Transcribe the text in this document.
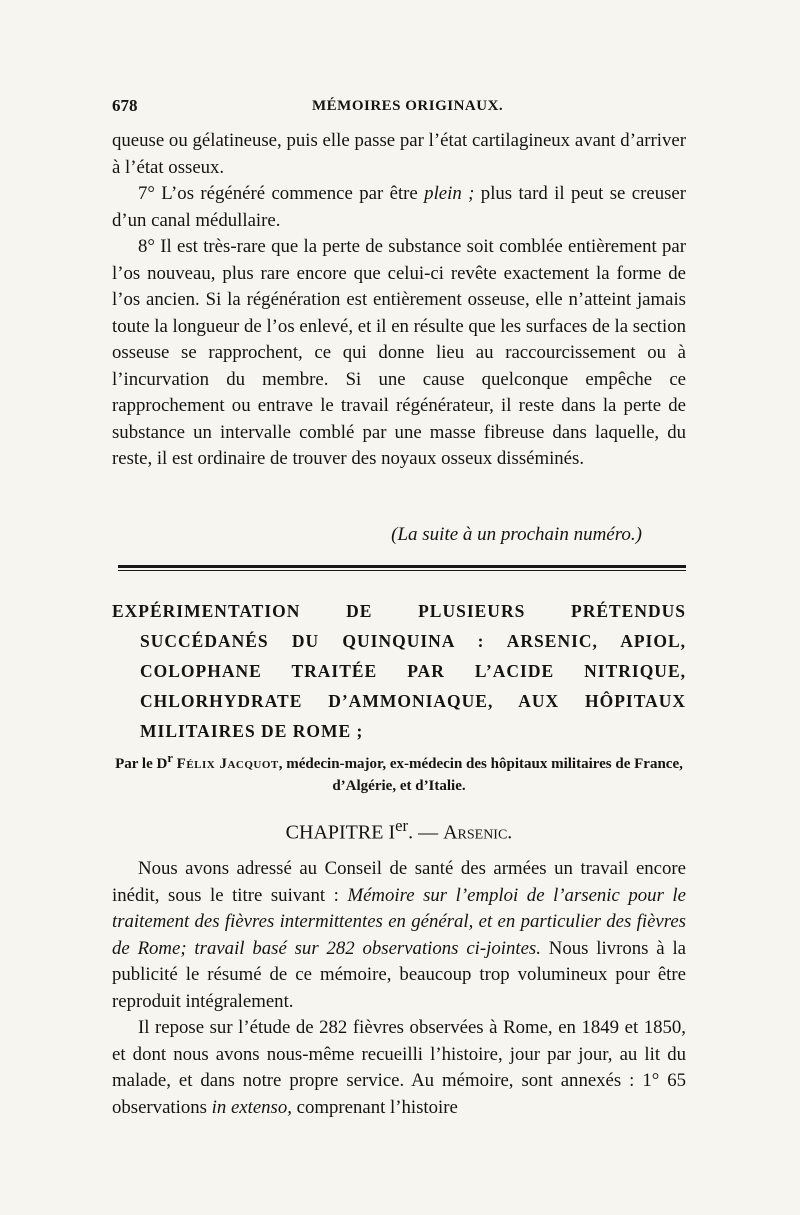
678	MÉMOIRES ORIGINAUX.

queuse ou gélatineuse, puis elle passe par l’état cartilagineux avant d’arriver à l’état osseux.

7° L’os régénéré commence par être plein ; plus tard il peut se creuser d’un canal médullaire.

8° Il est très-rare que la perte de substance soit comblée entièrement par l’os nouveau, plus rare encore que celui-ci revête exactement la forme de l’os ancien. Si la régénération est entièrement osseuse, elle n’atteint jamais toute la longueur de l’os enlevé, et il en résulte que les surfaces de la section osseuse se rapprochent, ce qui donne lieu au raccourcissement ou à l’incurvation du membre. Si une cause quelconque empêche ce rapprochement ou entrave le travail régénérateur, il reste dans la perte de substance un intervalle comblé par une masse fibreuse dans laquelle, du reste, il est ordinaire de trouver des noyaux osseux disséminés.

(La suite à un prochain numéro.)

EXPÉRIMENTATION DE PLUSIEURS PRÉTENDUS SUCCÉDANÉS DU QUINQUINA : ARSENIC, APIOL, COLOPHANE TRAITÉE PAR L’ACIDE NITRIQUE, CHLORHYDRATE D’AMMONIAQUE, AUX HÔPITAUX MILITAIRES DE ROME ;

Par le $D^r$ Félix Jacquot, médecin-major, ex-médecin des hôpitaux militaires de France, d’Algérie, et d’Italie.
CHAPITRE Ier. — Arsenic.

Nous avons adressé au Conseil de santé des armées un travail encore inédit, sous le titre suivant : Mémoire sur l’emploi de l’arsenic pour le traitement des fièvres intermittentes en général, et en particulier des fièvres de Rome; travail basé sur 282 observations ci-jointes. Nous livrons à la publicité le résumé de ce mémoire, beaucoup trop volumineux pour être reproduit intégralement.

Il repose sur l’étude de 282 fièvres observées à Rome, en 1849 et 1850, et dont nous avons nous-même recueilli l’histoire, jour par jour, au lit du malade, et dans notre propre service. Au mémoire, sont annexés : 1° 65 observations in extenso, comprenant l’histoire
